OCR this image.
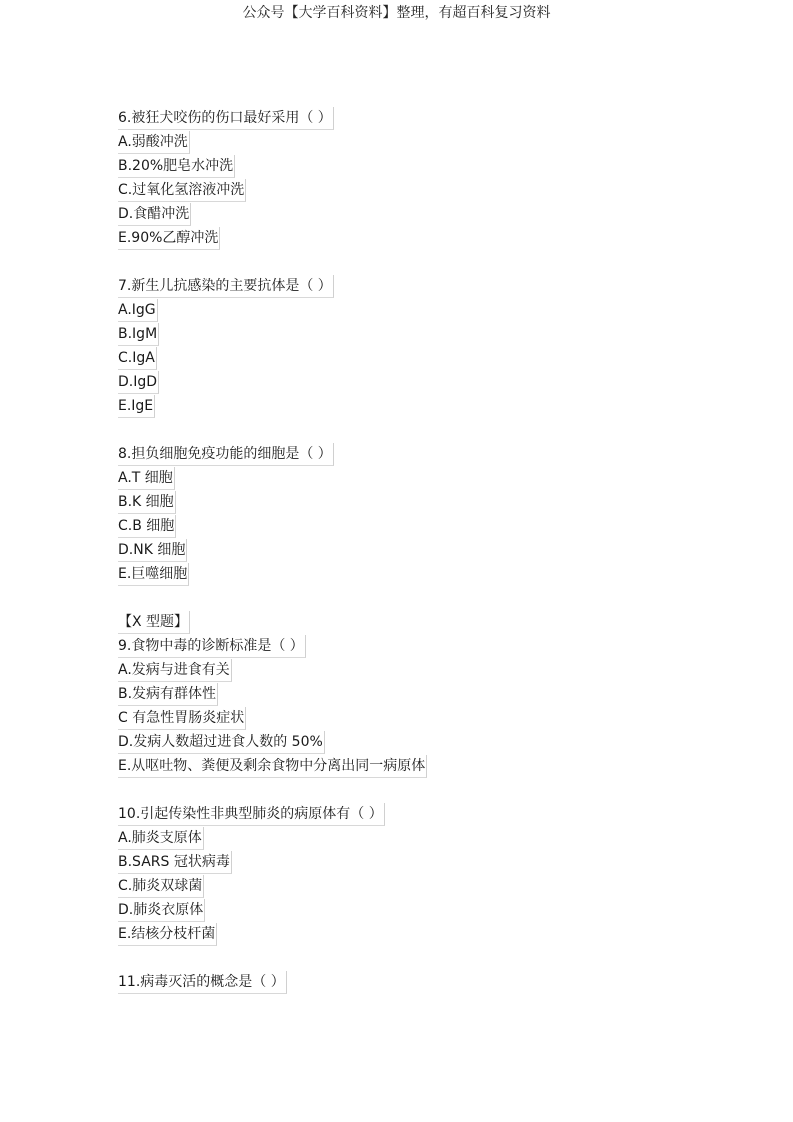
公众号【大学百科资料】整理，有超百科复习资料
6.被狂犬咬伤的伤口最好采用（ ）
A.弱酸冲洗
B.20%肥皂水冲洗
C.过氧化氢溶液冲洗
D.食醋冲洗
E.90%乙醇冲洗
7.新生儿抗感染的主要抗体是（ ）
A.IgG
B.IgM
C.IgA
D.IgD
E.IgE
8.担负细胞免疫功能的细胞是（ ）
A.T 细胞
B.K 细胞
C.B 细胞
D.NK 细胞
E.巨噬细胞
【X 型题】
9.食物中毒的诊断标准是（ ）
A.发病与进食有关
B.发病有群体性
C 有急性胃肠炎症状
D.发病人数超过进食人数的 50%
E.从呕吐物、粪便及剩余食物中分离出同一病原体
10.引起传染性非典型肺炎的病原体有（ ）
A.肺炎支原体
B.SARS 冠状病毒
C.肺炎双球菌
D.肺炎衣原体
E.结核分枝杆菌
11.病毒灭活的概念是（ ）
